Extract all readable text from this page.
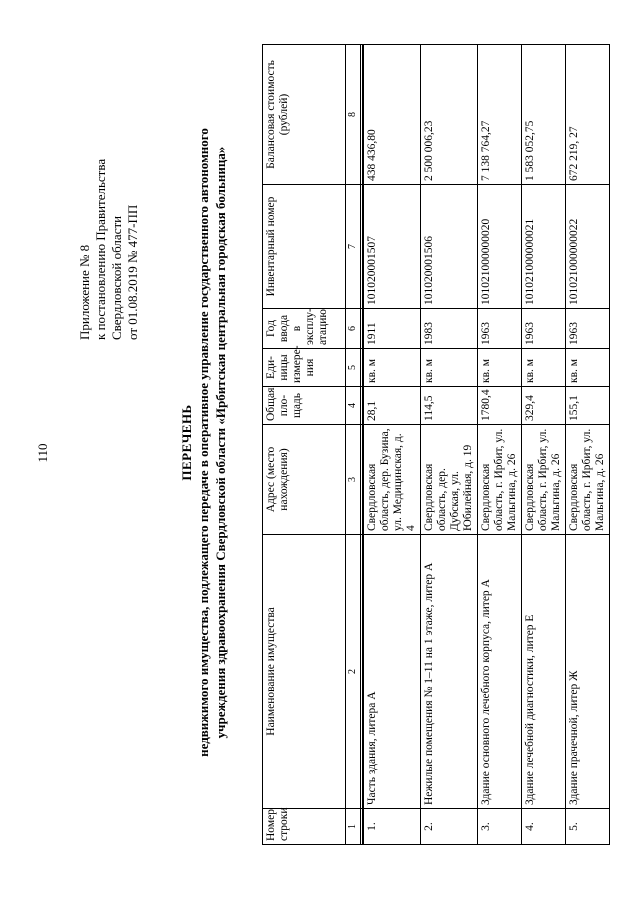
110
Приложение № 8 к постановлению Правительства Свердловской области от 01.08.2019 № 477-ПП
ПЕРЕЧЕНЬ недвижимого имущества, подлежащего передаче в оперативное управление государственного автономного учреждения здравоохранения Свердловской области «Ирбитская центральная городская больница»
Номер строки	Наименование имущества	Адрес (место нахождения)	Общая пло-щадь	Еди-ницы измере-ния	Год ввода в эксплу-атацию	Инвентарный номер	Балансовая стоимость (рублей)
1	2	3	4	5	6	7	8

1.	Часть здания, литера А	Свердловская область, дер. Бузина, ул. Медицинская, д. 4	28,1	кв. м	1911	101020001507	438 436,80
2.	Нежилые помещения № 1–11 на 1 этаже, литер А	Свердловская область, дер. Дубская, ул. Юбилейная, д. 19	114,5	кв. м	1983	101020001506	2 500 006,23
3.	Здание основного лечебного корпуса, литер А	Свердловская область, г. Ирбит, ул. Мальгина, д. 26	1780,4	кв. м	1963	101021000000020	7 138 764,27
4.	Здание лечебной диагностики, литер Е	Свердловская область, г. Ирбит, ул. Мальгина, д. 26	329,4	кв. м	1963	101021000000021	1 583 052,75
5.	Здание прачечной, литер Ж	Свердловская область, г. Ирбит, ул. Мальгина, д. 26	155,1	кв. м	1963	101021000000022	672 219, 27
